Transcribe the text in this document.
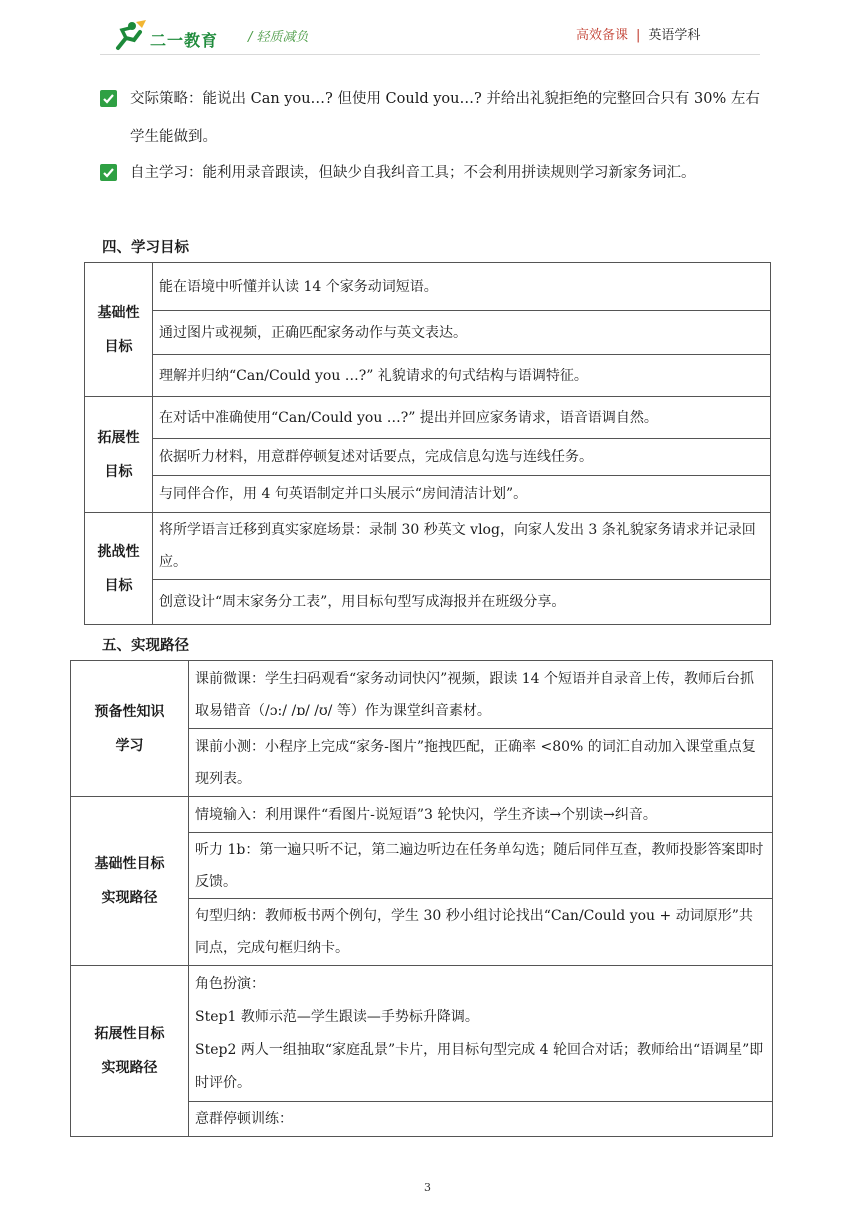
二一教育 / 轻质减负	高效备课 | 英语学科
交际策略：能说出 Can you…? 但使用 Could you…? 并给出礼貌拒绝的完整回合只有 30% 左右学生能做到。
自主学习：能利用录音跟读，但缺少自我纠音工具；不会利用拼读规则学习新家务词汇。
四、学习目标
基础性
目标	能在语境中听懂并认读 14 个家务动词短语。
	通过图片或视频，正确匹配家务动作与英文表达。
	理解并归纳“Can/Could you …?” 礼貌请求的句式结构与语调特征。
拓展性
目标	在对话中准确使用“Can/Could you …?” 提出并回应家务请求，语音语调自然。
	依据听力材料，用意群停顿复述对话要点，完成信息勾选与连线任务。
	与同伴合作，用 4 句英语制定并口头展示“房间清洁计划”。
挑战性
目标	将所学语言迁移到真实家庭场景：录制 30 秒英文 vlog，向家人发出 3 条礼貌家务请求并记录回应。
	创意设计“周末家务分工表”，用目标句型写成海报并在班级分享。
五、实现路径
预备性知识
学习	课前微课：学生扫码观看“家务动词快闪”视频，跟读 14 个短语并自录音上传，教师后台抓取易错音（/ɔ:/ /ɒ/ /ʊ/ 等）作为课堂纠音素材。
	课前小测：小程序上完成“家务-图片”拖拽匹配，正确率 <80% 的词汇自动加入课堂重点复现列表。
基础性目标
实现路径	情境输入：利用课件“看图片-说短语”3 轮快闪，学生齐读→个别读→纠音。
	听力 1b：第一遍只听不记，第二遍边听边在任务单勾选；随后同伴互查，教师投影答案即时反馈。
	句型归纳：教师板书两个例句，学生 30 秒小组讨论找出“Can/Could you + 动词原形”共同点，完成句框归纳卡。
拓展性目标
实现路径	角色扮演：
Step1 教师示范—学生跟读—手势标升降调。
Step2 两人一组抽取“家庭乱景”卡片，用目标句型完成 4 轮回合对话；教师给出“语调星”即时评价。
	意群停顿训练：
3
